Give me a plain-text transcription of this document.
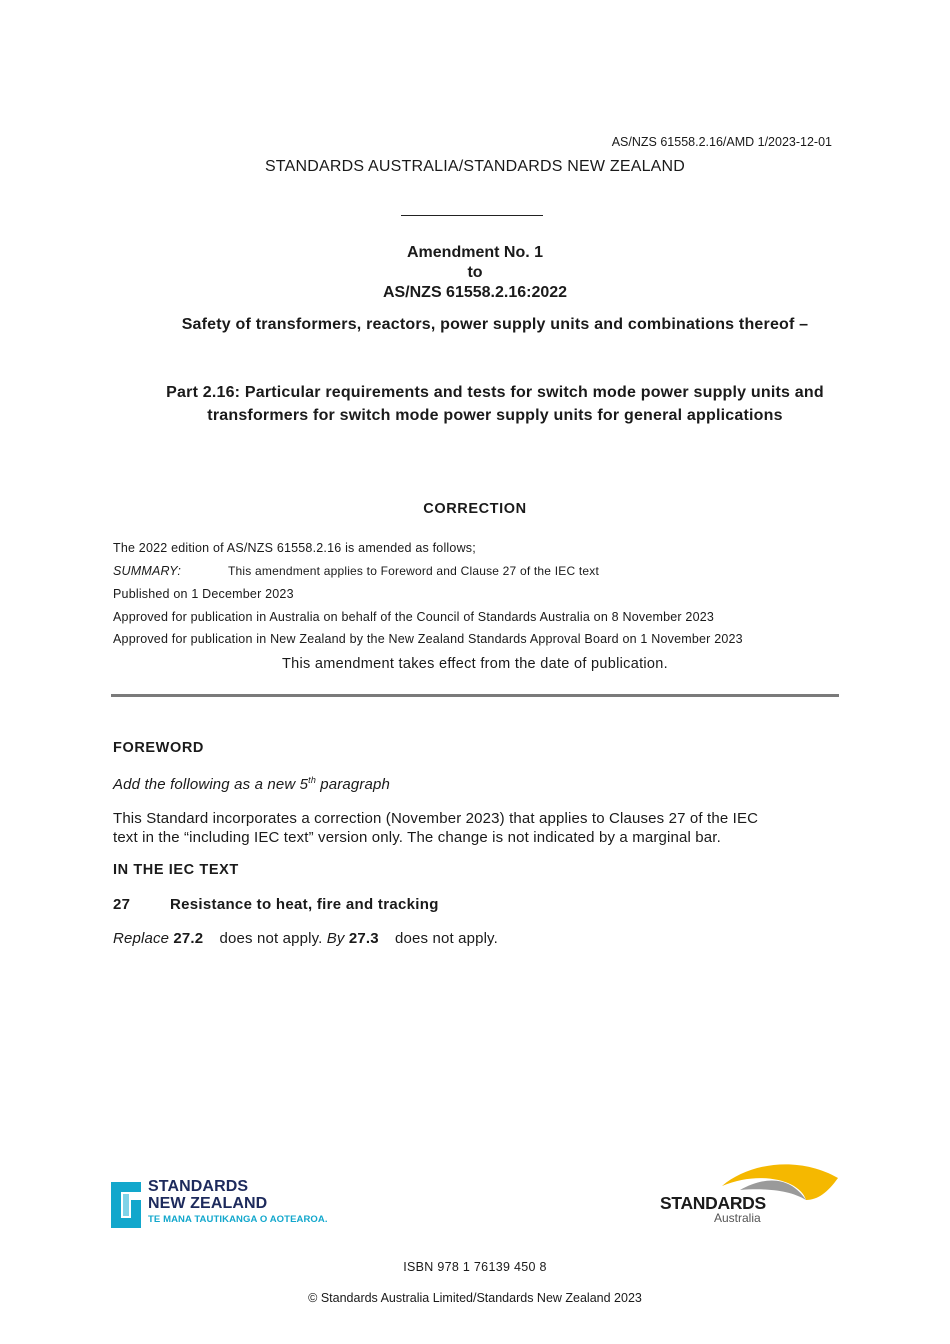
AS/NZS 61558.2.16/AMD 1/2023-12-01
STANDARDS AUSTRALIA/STANDARDS NEW ZEALAND
Amendment No. 1
to
AS/NZS 61558.2.16:2022
Safety of transformers, reactors, power supply units and combinations thereof –
Part 2.16: Particular requirements and tests for switch mode power supply units and transformers for switch mode power supply units for general applications
CORRECTION
The 2022 edition of AS/NZS 61558.2.16 is amended as follows;
SUMMARY:	This amendment applies to Foreword and Clause 27 of the IEC text
Published on 1 December 2023
Approved for publication in Australia on behalf of the Council of Standards Australia on 8 November 2023
Approved for publication in New Zealand by the New Zealand Standards Approval Board on 1 November 2023
This amendment takes effect from the date of publication.
FOREWORD
Add the following as a new 5th paragraph
This Standard incorporates a correction (November 2023) that applies to Clauses 27 of the IEC
text in the “including IEC text” version only. The change is not indicated by a marginal bar.
IN THE IEC TEXT
27	Resistance to heat, fire and tracking
Replace 27.2 does not apply. By 27.3 does not apply.
STANDARDS
NEW ZEALAND
TE MANA TAUTIKANGA O AOTEAROA.
STANDARDS
Australia
ISBN 978 1 76139 450 8
© Standards Australia Limited/Standards New Zealand 2023
